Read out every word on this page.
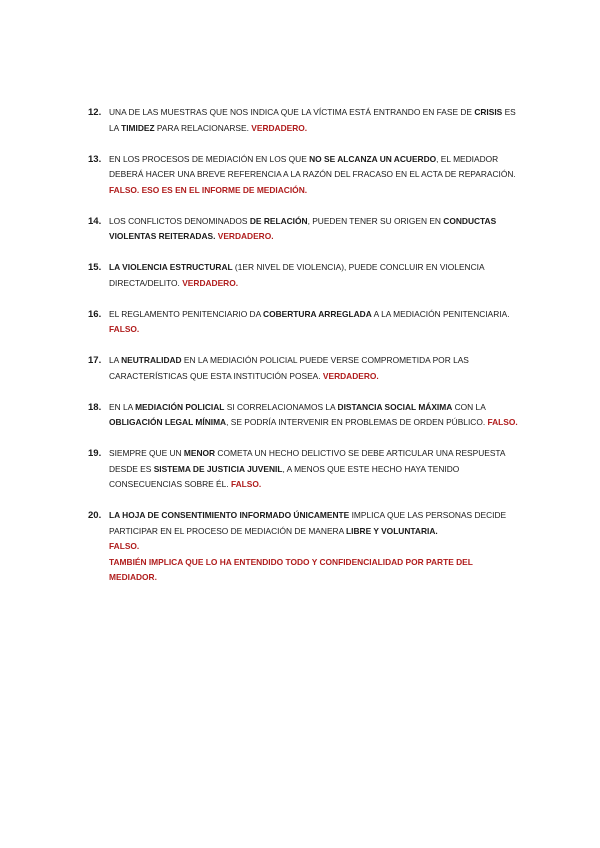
12. UNA DE LAS MUESTRAS QUE NOS INDICA QUE LA VÍCTIMA ESTÁ ENTRANDO EN FASE DE CRISIS ES LA TIMIDEZ PARA RELACIONARSE. VERDADERO.
13. EN LOS PROCESOS DE MEDIACIÓN EN LOS QUE NO SE ALCANZA UN ACUERDO, EL MEDIADOR DEBERÁ HACER UNA BREVE REFERENCIA A LA RAZÓN DEL FRACASO EN EL ACTA DE REPARACIÓN. FALSO. ESO ES EN EL INFORME DE MEDIACIÓN.
14. LOS CONFLICTOS DENOMINADOS DE RELACIÓN, PUEDEN TENER SU ORIGEN EN CONDUCTAS VIOLENTAS REITERADAS. VERDADERO.
15. LA VIOLENCIA ESTRUCTURAL (1ER NIVEL DE VIOLENCIA), PUEDE CONCLUIR EN VIOLENCIA DIRECTA/DELITO. VERDADERO.
16. EL REGLAMENTO PENITENCIARIO DA COBERTURA ARREGLADA A LA MEDIACIÓN PENITENCIARIA. FALSO.
17. LA NEUTRALIDAD EN LA MEDIACIÓN POLICIAL PUEDE VERSE COMPROMETIDA POR LAS CARACTERÍSTICAS QUE ESTA INSTITUCIÓN POSEA. VERDADERO.
18. EN LA MEDIACIÓN POLICIAL SI CORRELACIONAMOS LA DISTANCIA SOCIAL MÁXIMA CON LA OBLIGACIÓN LEGAL MÍNIMA, SE PODRÍA INTERVENIR EN PROBLEMAS DE ORDEN PÚBLICO. FALSO.
19. SIEMPRE QUE UN MENOR COMETA UN HECHO DELICTIVO SE DEBE ARTICULAR UNA RESPUESTA DESDE ES SISTEMA DE JUSTICIA JUVENIL, A MENOS QUE ESTE HECHO HAYA TENIDO CONSECUENCIAS SOBRE ÉL. FALSO.
20. LA HOJA DE CONSENTIMIENTO INFORMADO ÚNICAMENTE IMPLICA QUE LAS PERSONAS DECIDE PARTICIPAR EN EL PROCESO DE MEDIACIÓN DE MANERA LIBRE Y VOLUNTARIA.
FALSO.
TAMBIÉN IMPLICA QUE LO HA ENTENDIDO TODO Y CONFIDENCIALIDAD POR PARTE DEL MEDIADOR.
